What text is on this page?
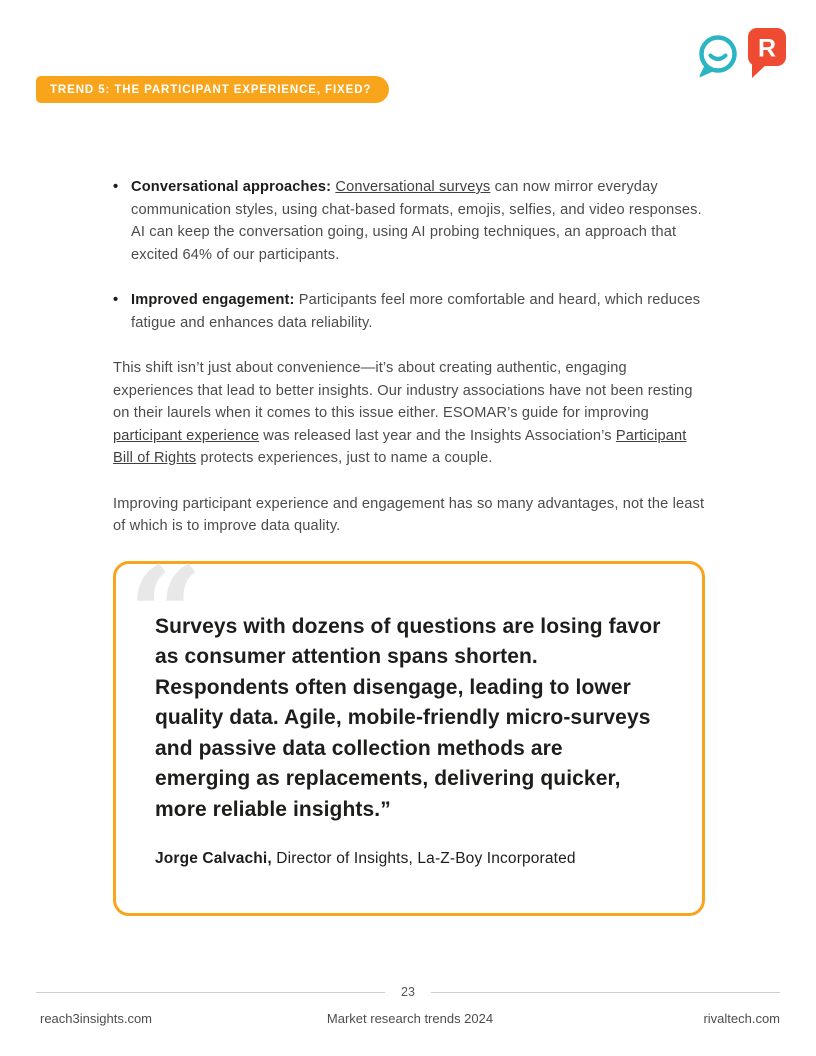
TREND 5: THE PARTICIPANT EXPERIENCE, FIXED?
R
• Conversational approaches: Conversational surveys can now mirror everyday communication styles, using chat-based formats, emojis, selfies, and video responses. AI can keep the conversation going, using AI probing techniques, an approach that excited 64% of our participants.
• Improved engagement: Participants feel more comfortable and heard, which reduces fatigue and enhances data reliability.

This shift isn’t just about convenience—it’s about creating authentic, engaging experiences that lead to better insights. Our industry associations have not been resting on their laurels when it comes to this issue either. ESOMAR’s guide for improving participant experience was released last year and the Insights Association’s Participant Bill of Rights protects experiences, just to name a couple.

Improving participant experience and engagement has so many advantages, not the least of which is to improve data quality.

“
Surveys with dozens of questions are losing favor as consumer attention spans shorten. Respondents often disengage, leading to lower quality data. Agile, mobile-friendly micro-surveys and passive data collection methods are emerging as replacements, delivering quicker, more reliable insights.”
Jorge Calvachi, Director of Insights, La-Z-Boy Incorporated
23
reach3insights.com	Market research trends 2024	rivaltech.com
